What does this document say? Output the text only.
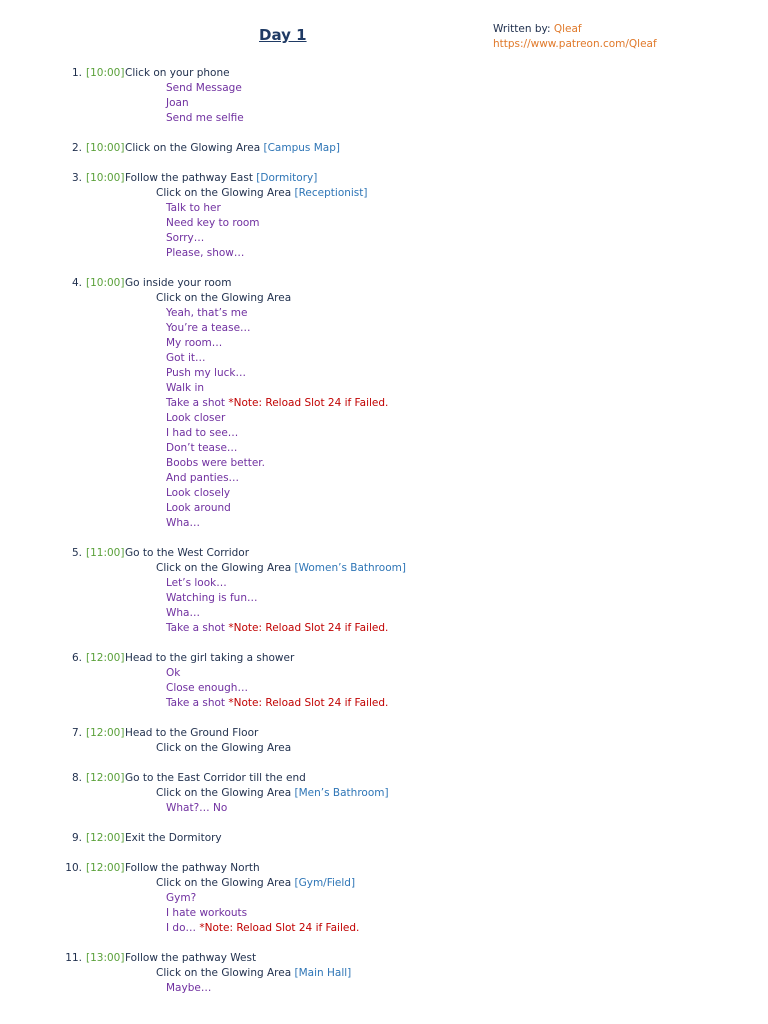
Day 1	Written by: Qleaf
https://www.patreon.com/Qleaf
1. [10:00] Click on your phone
Send Message
Joan
Send me selfie
2. [10:00] Click on the Glowing Area [Campus Map]
3. [10:00] Follow the pathway East [Dormitory]
Click on the Glowing Area [Receptionist]
Talk to her
Need key to room
Sorry…
Please, show…
4. [10:00] Go inside your room
Click on the Glowing Area
Yeah, that’s me
You’re a tease…
My room…
Got it…
Push my luck…
Walk in
Take a shot *Note: Reload Slot 24 if Failed.
Look closer
I had to see…
Don’t tease…
Boobs were better.
And panties…
Look closely
Look around
Wha…
5. [11:00] Go to the West Corridor
Click on the Glowing Area [Women’s Bathroom]
Let’s look…
Watching is fun…
Wha…
Take a shot *Note: Reload Slot 24 if Failed.
6. [12:00] Head to the girl taking a shower
Ok
Close enough…
Take a shot *Note: Reload Slot 24 if Failed.
7. [12:00] Head to the Ground Floor
Click on the Glowing Area
8. [12:00] Go to the East Corridor till the end
Click on the Glowing Area [Men’s Bathroom]
What?… No
9. [12:00] Exit the Dormitory
10. [12:00] Follow the pathway North
Click on the Glowing Area [Gym/Field]
Gym?
I hate workouts
I do… *Note: Reload Slot 24 if Failed.
11. [13:00] Follow the pathway West
Click on the Glowing Area [Main Hall]
Maybe…
